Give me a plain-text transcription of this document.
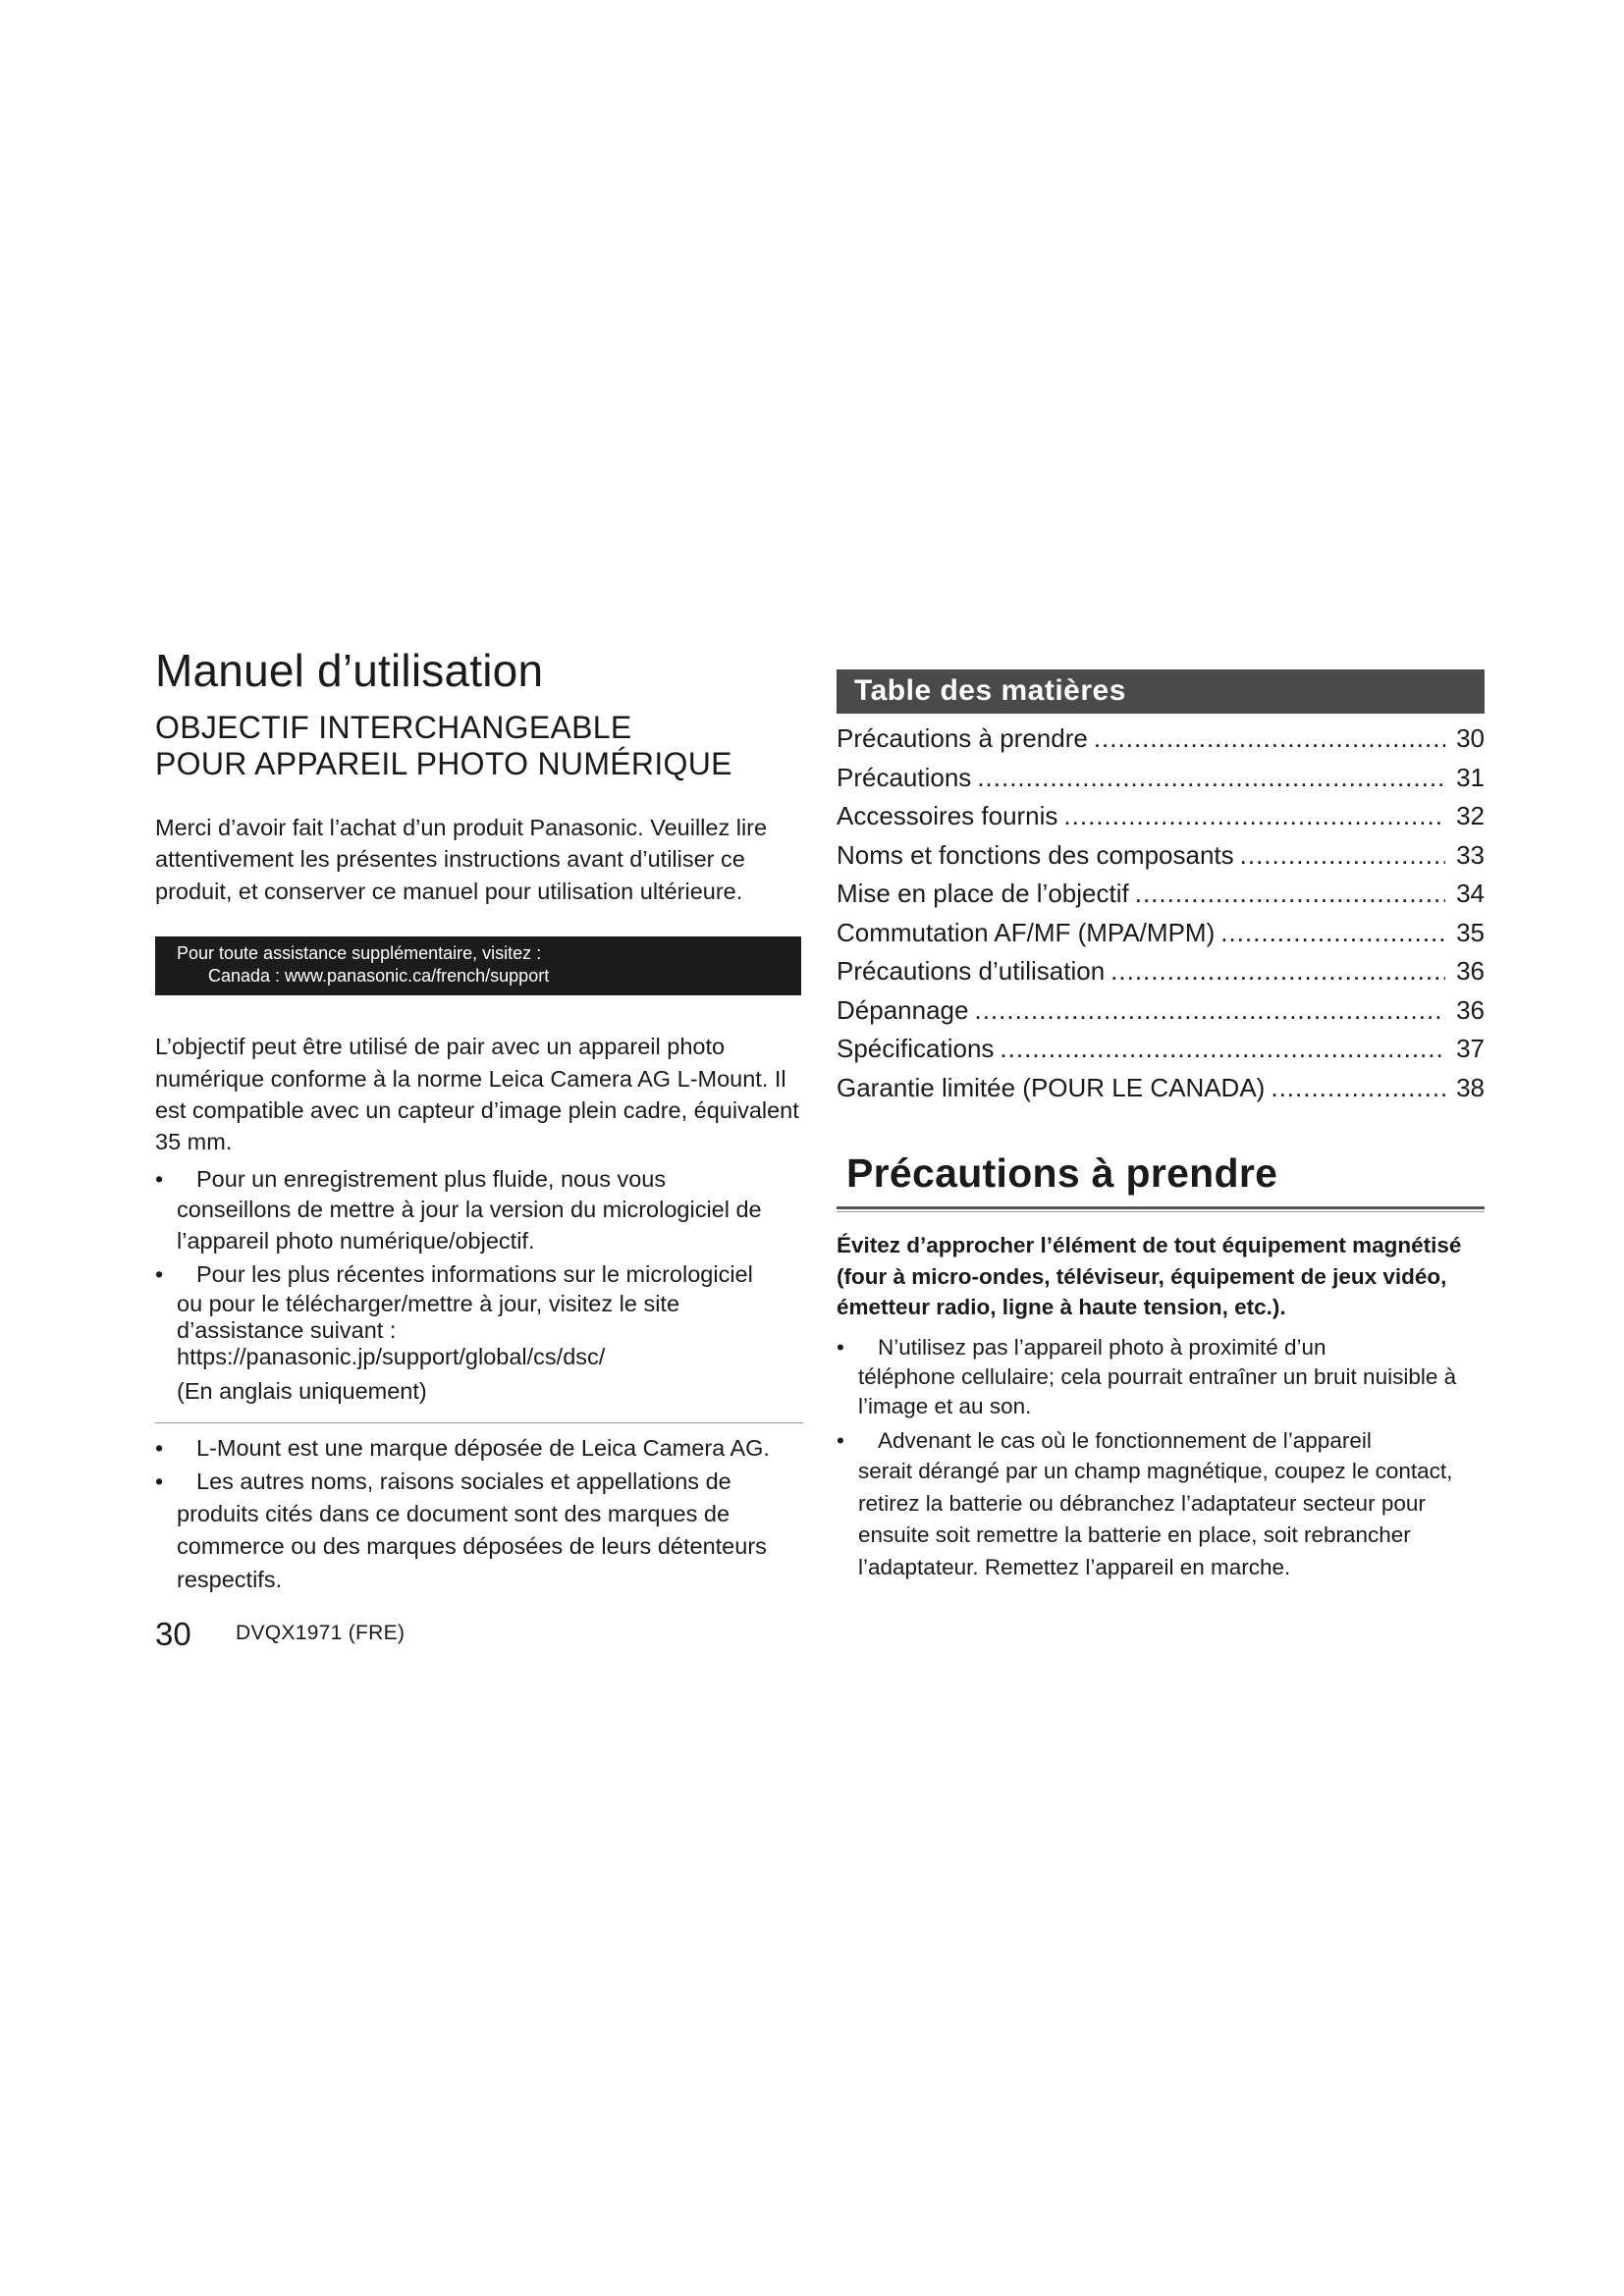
Manuel d’utilisation
OBJECTIF INTERCHANGEABLE
POUR APPAREIL PHOTO NUMÉRIQUE
Merci d’avoir fait l’achat d’un produit Panasonic. Veuillez lire attentivement les présentes instructions avant d’utiliser ce produit, et conserver ce manuel pour utilisation ultérieure.
Pour toute assistance supplémentaire, visitez :
Canada : www.panasonic.ca/french/support
L’objectif peut être utilisé de pair avec un appareil photo numérique conforme à la norme Leica Camera AG L-Mount. Il est compatible avec un capteur d’image plein cadre, équivalent 35 mm.
•	Pour un enregistrement plus fluide, nous vous
conseillons de mettre à jour la version du micrologiciel de l’appareil photo numérique/objectif.
•	Pour les plus récentes informations sur le micrologiciel
ou pour le télécharger/mettre à jour, visitez le site d’assistance suivant :
https://panasonic.jp/support/global/cs/dsc/
(En anglais uniquement)
•	L-Mount est une marque déposée de Leica Camera AG.
•	Les autres noms, raisons sociales et appellations de
produits cités dans ce document sont des marques de commerce ou des marques déposées de leurs détenteurs respectifs.
30 DVQX1971 (FRE)
Table des matières
Précautions à prendre .....	30
Précautions .....	31
Accessoires fournis .....	32
Noms et fonctions des composants .....	33
Mise en place de l’objectif .....	34
Commutation AF/MF (MPA/MPM) .....	35
Précautions d’utilisation .....	36
Dépannage .....	36
Spécifications .....	37
Garantie limitée (POUR LE CANADA) .....	38
Précautions à prendre
Évitez d’approcher l’élément de tout équipement magnétisé (four à micro-ondes, téléviseur, équipement de jeux vidéo, émetteur radio, ligne à haute tension, etc.).
• N’utilisez pas l’appareil photo à proximité d’un
téléphone cellulaire; cela pourrait entraîner un bruit nuisible à l’image et au son.
• Advenant le cas où le fonctionnement de l’appareil
serait dérangé par un champ magnétique, coupez le contact, retirez la batterie ou débranchez l’adaptateur secteur pour ensuite soit remettre la batterie en place, soit rebrancher l’adaptateur. Remettez l’appareil en marche.
